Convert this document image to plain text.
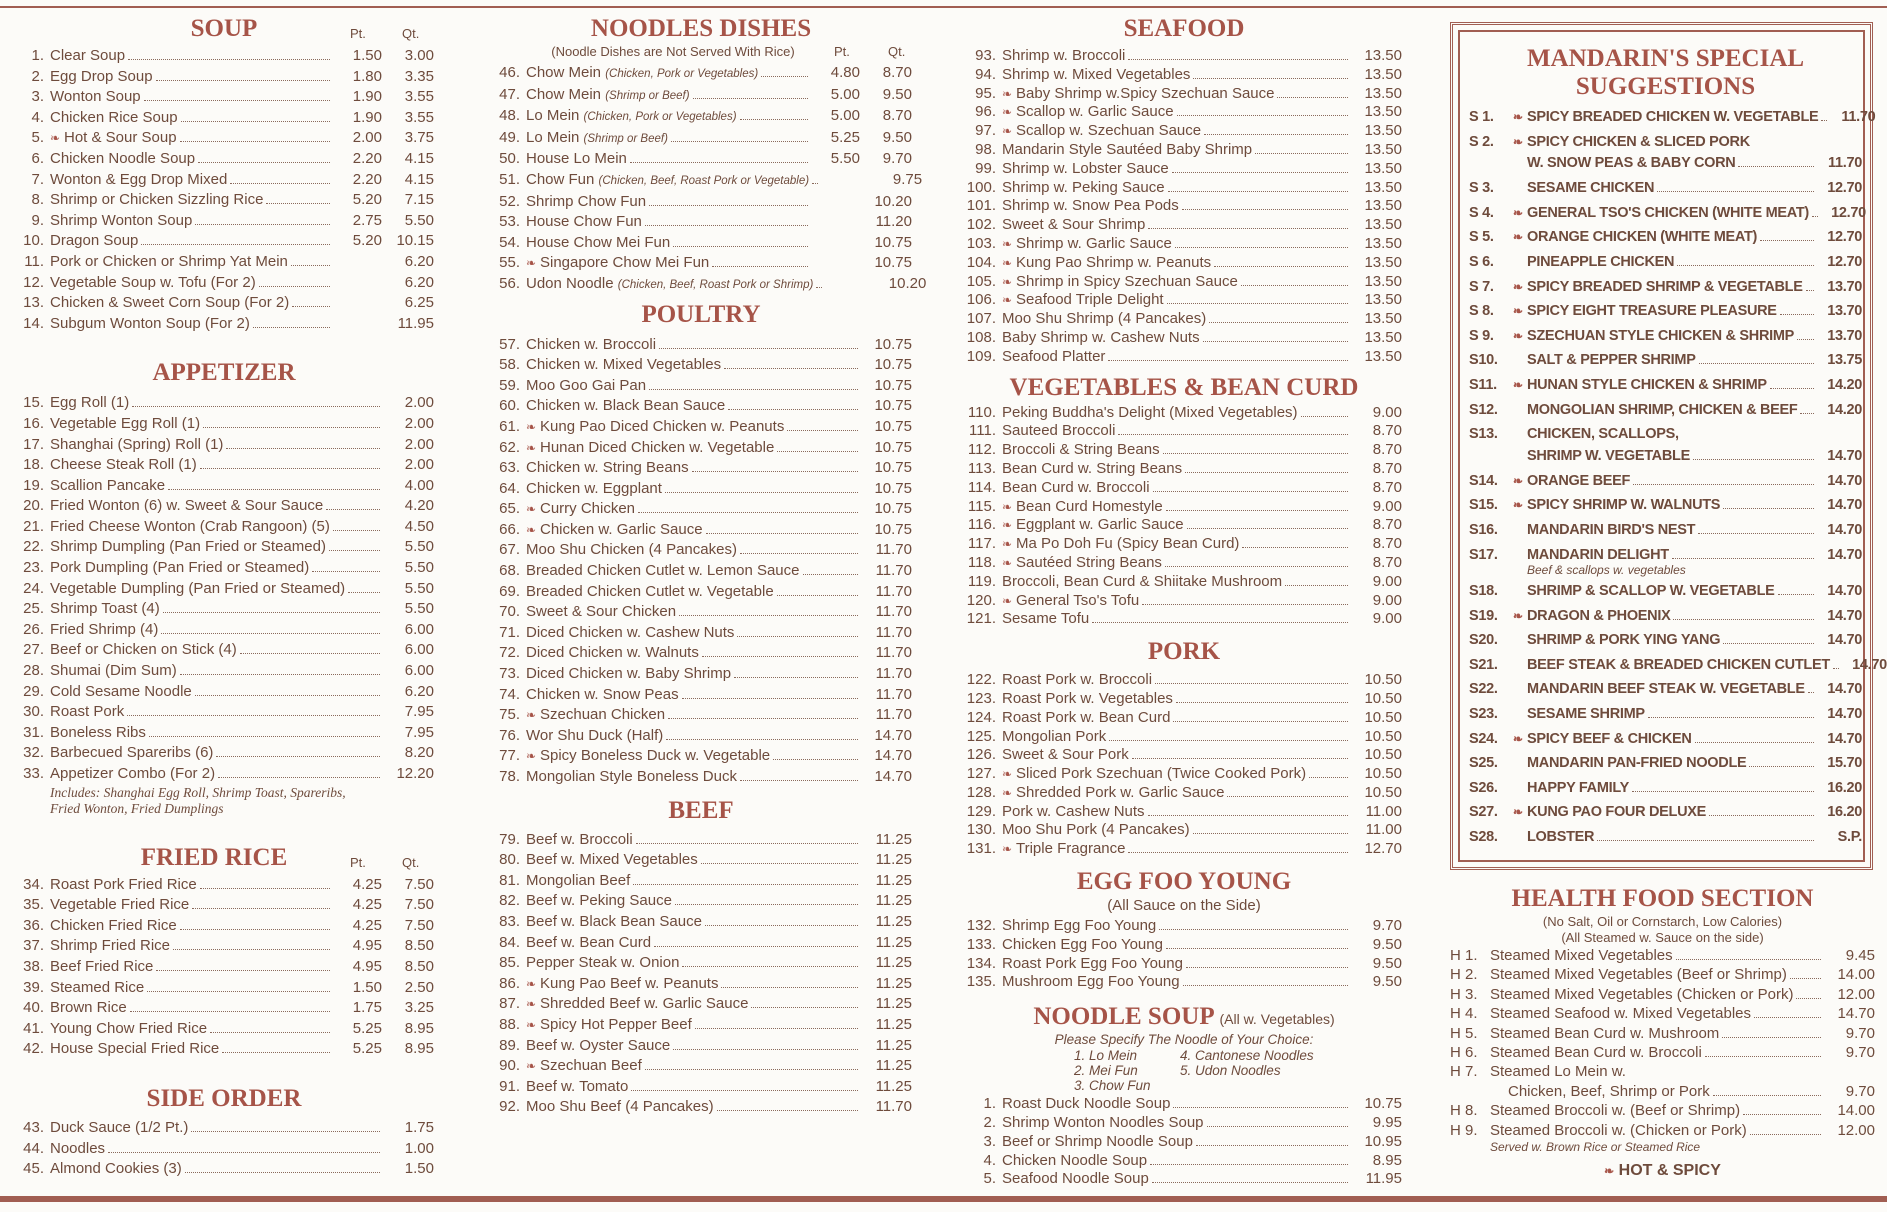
SOUP	Pt.	Qt.
1. Clear Soup	1.50	3.00
2. Egg Drop Soup	1.80	3.35
3. Wonton Soup	1.90	3.55
4. Chicken Rice Soup	1.90	3.55
5. ❧ Hot & Sour Soup	2.00	3.75
6. Chicken Noodle Soup	2.20	4.15
7. Wonton & Egg Drop Mixed	2.20	4.15
8. Shrimp or Chicken Sizzling Rice	5.20	7.15
9. Shrimp Wonton Soup	2.75	5.50
10. Dragon Soup	5.20 10.15
11. Pork or Chicken or Shrimp Yat Mein	6.20
12. Vegetable Soup w. Tofu (For 2)	6.20
13. Chicken & Sweet Corn Soup (For 2)	6.25
14. Subgum Wonton Soup (For 2)	11.95
APPETIZER
15. Egg Roll (1)	2.00
16. Vegetable Egg Roll (1)	2.00
17. Shanghai (Spring) Roll (1)	2.00
18. Cheese Steak Roll (1)	2.00
19. Scallion Pancake	4.00
20. Fried Wonton (6) w. Sweet & Sour Sauce	4.20
21. Fried Cheese Wonton (Crab Rangoon) (5)	4.50
22. Shrimp Dumpling (Pan Fried or Steamed)	5.50
23. Pork Dumpling (Pan Fried or Steamed)	5.50
24. Vegetable Dumpling (Pan Fried or Steamed)	5.50
25. Shrimp Toast (4)	5.50
26. Fried Shrimp (4)	6.00
27. Beef or Chicken on Stick (4)	6.00
28. Shumai (Dim Sum)	6.00
29. Cold Sesame Noodle	6.20
30. Roast Pork	7.95
31. Boneless Ribs	7.95
32. Barbecued Spareribs (6)	8.20
33. Appetizer Combo (For 2)	12.20
Includes: Shanghai Egg Roll, Shrimp Toast, Spareribs,
Fried Wonton, Fried Dumplings
FRIED RICE	Pt.	Qt.
34. Roast Pork Fried Rice	4.25	7.50
35. Vegetable Fried Rice	4.25	7.50
36. Chicken Fried Rice	4.25	7.50
37. Shrimp Fried Rice	4.95	8.50
38. Beef Fried Rice	4.95	8.50
39. Steamed Rice	1.50	2.50
40. Brown Rice	1.75	3.25
41. Young Chow Fried Rice	5.25	8.95
42. House Special Fried Rice	5.25	8.95
SIDE ORDER
43. Duck Sauce (1/2 Pt.)	1.75
44. Noodles	1.00
45. Almond Cookies (3)	1.50
NOODLES DISHES
(Noodle Dishes are Not Served With Rice)	Pt.	Qt.
46. Chow Mein (Chicken, Pork or Vegetables)	4.80	8.70
47. Chow Mein (Shrimp or Beef)	5.00	9.50
48. Lo Mein (Chicken, Pork or Vegetables)	5.00	8.70
49. Lo Mein (Shrimp or Beef)	5.25	9.50
50. House Lo Mein	5.50	9.70
51. Chow Fun (Chicken, Beef, Roast Pork or Vegetable)	9.75
52. Shrimp Chow Fun	10.20
53. House Chow Fun	11.20
54. House Chow Mei Fun	10.75
55. ❧ Singapore Chow Mei Fun	10.75
56. Udon Noodle (Chicken, Beef, Roast Pork or Shrimp)	10.20
POULTRY
57. Chicken w. Broccoli	10.75
58. Chicken w. Mixed Vegetables	10.75
59. Moo Goo Gai Pan	10.75
60. Chicken w. Black Bean Sauce	10.75
61. ❧ Kung Pao Diced Chicken w. Peanuts	10.75
62. ❧ Hunan Diced Chicken w. Vegetable	10.75
63. Chicken w. String Beans	10.75
64. Chicken w. Eggplant	10.75
65. ❧ Curry Chicken	10.75
66. ❧ Chicken w. Garlic Sauce	10.75
67. Moo Shu Chicken (4 Pancakes)	11.70
68. Breaded Chicken Cutlet w. Lemon Sauce	11.70
69. Breaded Chicken Cutlet w. Vegetable	11.70
70. Sweet & Sour Chicken	11.70
71. Diced Chicken w. Cashew Nuts	11.70
72. Diced Chicken w. Walnuts	11.70
73. Diced Chicken w. Baby Shrimp	11.70
74. Chicken w. Snow Peas	11.70
75. ❧ Szechuan Chicken	11.70
76. Wor Shu Duck (Half)	14.70
77. ❧ Spicy Boneless Duck w. Vegetable	14.70
78. Mongolian Style Boneless Duck	14.70
BEEF
79. Beef w. Broccoli	11.25
80. Beef w. Mixed Vegetables	11.25
81. Mongolian Beef	11.25
82. Beef w. Peking Sauce	11.25
83. Beef w. Black Bean Sauce	11.25
84. Beef w. Bean Curd	11.25
85. Pepper Steak w. Onion	11.25
86. ❧ Kung Pao Beef w. Peanuts	11.25
87. ❧ Shredded Beef w. Garlic Sauce	11.25
88. ❧ Spicy Hot Pepper Beef	11.25
89. Beef w. Oyster Sauce	11.25
90. ❧ Szechuan Beef	11.25
91. Beef w. Tomato	11.25
92. Moo Shu Beef (4 Pancakes)	11.70
SEAFOOD
93. Shrimp w. Broccoli	13.50
94. Shrimp w. Mixed Vegetables	13.50
95. ❧ Baby Shrimp w.Spicy Szechuan Sauce	13.50
96. ❧ Scallop w. Garlic Sauce	13.50
97. ❧ Scallop w. Szechuan Sauce	13.50
98. Mandarin Style Sautéed Baby Shrimp	13.50
99. Shrimp w. Lobster Sauce	13.50
100. Shrimp w. Peking Sauce	13.50
101. Shrimp w. Snow Pea Pods	13.50
102. Sweet & Sour Shrimp	13.50
103. ❧ Shrimp w. Garlic Sauce	13.50
104. ❧ Kung Pao Shrimp w. Peanuts	13.50
105. ❧ Shrimp in Spicy Szechuan Sauce	13.50
106. ❧ Seafood Triple Delight	13.50
107. Moo Shu Shrimp (4 Pancakes)	13.50
108. Baby Shrimp w. Cashew Nuts	13.50
109. Seafood Platter	13.50
VEGETABLES & BEAN CURD
110. Peking Buddha's Delight (Mixed Vegetables)	9.00
111. Sauteed Broccoli	8.70
112. Broccoli & String Beans	8.70
113. Bean Curd w. String Beans	8.70
114. Bean Curd w. Broccoli	8.70
115. ❧ Bean Curd Homestyle	9.00
116. ❧ Eggplant w. Garlic Sauce	8.70
117. ❧ Ma Po Doh Fu (Spicy Bean Curd)	8.70
118. ❧ Sautéed String Beans	8.70
119. Broccoli, Bean Curd & Shiitake Mushroom	9.00
120. ❧ General Tso's Tofu	9.00
121. Sesame Tofu	9.00
PORK
122. Roast Pork w. Broccoli	10.50
123. Roast Pork w. Vegetables	10.50
124. Roast Pork w. Bean Curd	10.50
125. Mongolian Pork	10.50
126. Sweet & Sour Pork	10.50
127. ❧ Sliced Pork Szechuan (Twice Cooked Pork)	10.50
128. ❧ Shredded Pork w. Garlic Sauce	10.50
129. Pork w. Cashew Nuts	11.00
130. Moo Shu Pork (4 Pancakes)	11.00
131. ❧ Triple Fragrance	12.70
EGG FOO YOUNG
(All Sauce on the Side)
132. Shrimp Egg Foo Young	9.70
133. Chicken Egg Foo Young	9.50
134. Roast Pork Egg Foo Young	9.50
135. Mushroom Egg Foo Young	9.50
NOODLE SOUP (All w. Vegetables)
Please Specify The Noodle of Your Choice:
1. Lo Mein	4. Cantonese Noodles
2. Mei Fun	5. Udon Noodles
3. Chow Fun
1. Roast Duck Noodle Soup	10.75
2. Shrimp Wonton Noodles Soup	9.95
3. Beef or Shrimp Noodle Soup	10.95
4. Chicken Noodle Soup	8.95
5. Seafood Noodle Soup	11.95
MANDARIN'S SPECIAL
SUGGESTIONS
S 1.	❧ SPICY BREADED CHICKEN W. VEGETABLE	11.70
S 2.	❧ SPICY CHICKEN & SLICED PORK
W. SNOW PEAS & BABY CORN	11.70
S 3.	SESAME CHICKEN	12.70
S 4.	❧ GENERAL TSO'S CHICKEN (WHITE MEAT)	12.70
S 5.	❧ ORANGE CHICKEN (WHITE MEAT)	12.70
S 6.	PINEAPPLE CHICKEN	12.70
S 7.	❧ SPICY BREADED SHRIMP & VEGETABLE	13.70
S 8.	❧ SPICY EIGHT TREASURE PLEASURE	13.70
S 9.	❧ SZECHUAN STYLE CHICKEN & SHRIMP	13.70
S10.	SALT & PEPPER SHRIMP	13.75
S11.	❧ HUNAN STYLE CHICKEN & SHRIMP	14.20
S12.	MONGOLIAN SHRIMP, CHICKEN & BEEF	14.20
S13.	CHICKEN, SCALLOPS,
SHRIMP W. VEGETABLE	14.70
S14.	❧ ORANGE BEEF	14.70
S15.	❧ SPICY SHRIMP W. WALNUTS	14.70
S16.	MANDARIN BIRD'S NEST	14.70
S17.	MANDARIN DELIGHT	14.70
Beef & scallops w. vegetables
S18.	SHRIMP & SCALLOP W. VEGETABLE	14.70
S19.	❧ DRAGON & PHOENIX	14.70
S20.	SHRIMP & PORK YING YANG	14.70
S21.	BEEF STEAK & BREADED CHICKEN CUTLET	14.70
S22.	MANDARIN BEEF STEAK W. VEGETABLE	14.70
S23.	SESAME SHRIMP	14.70
S24.	❧ SPICY BEEF & CHICKEN	14.70
S25.	MANDARIN PAN-FRIED NOODLE	15.70
S26.	HAPPY FAMILY	16.20
S27.	❧ KUNG PAO FOUR DELUXE	16.20
S28.	LOBSTER	S.P.
HEALTH FOOD SECTION
(No Salt, Oil or Cornstarch, Low Calories)
(All Steamed w. Sauce on the side)
H 1. Steamed Mixed Vegetables	9.45
H 2. Steamed Mixed Vegetables (Beef or Shrimp)	14.00
H 3. Steamed Mixed Vegetables (Chicken or Pork)	12.00
H 4. Steamed Seafood w. Mixed Vegetables	14.70
H 5. Steamed Bean Curd w. Mushroom	9.70
H 6. Steamed Bean Curd w. Broccoli	9.70
H 7. Steamed Lo Mein w.
Chicken, Beef, Shrimp or Pork	9.70
H 8. Steamed Broccoli w. (Beef or Shrimp)	14.00
H 9. Steamed Broccoli w. (Chicken or Pork)	12.00
Served w. Brown Rice or Steamed Rice
❧ HOT & SPICY
